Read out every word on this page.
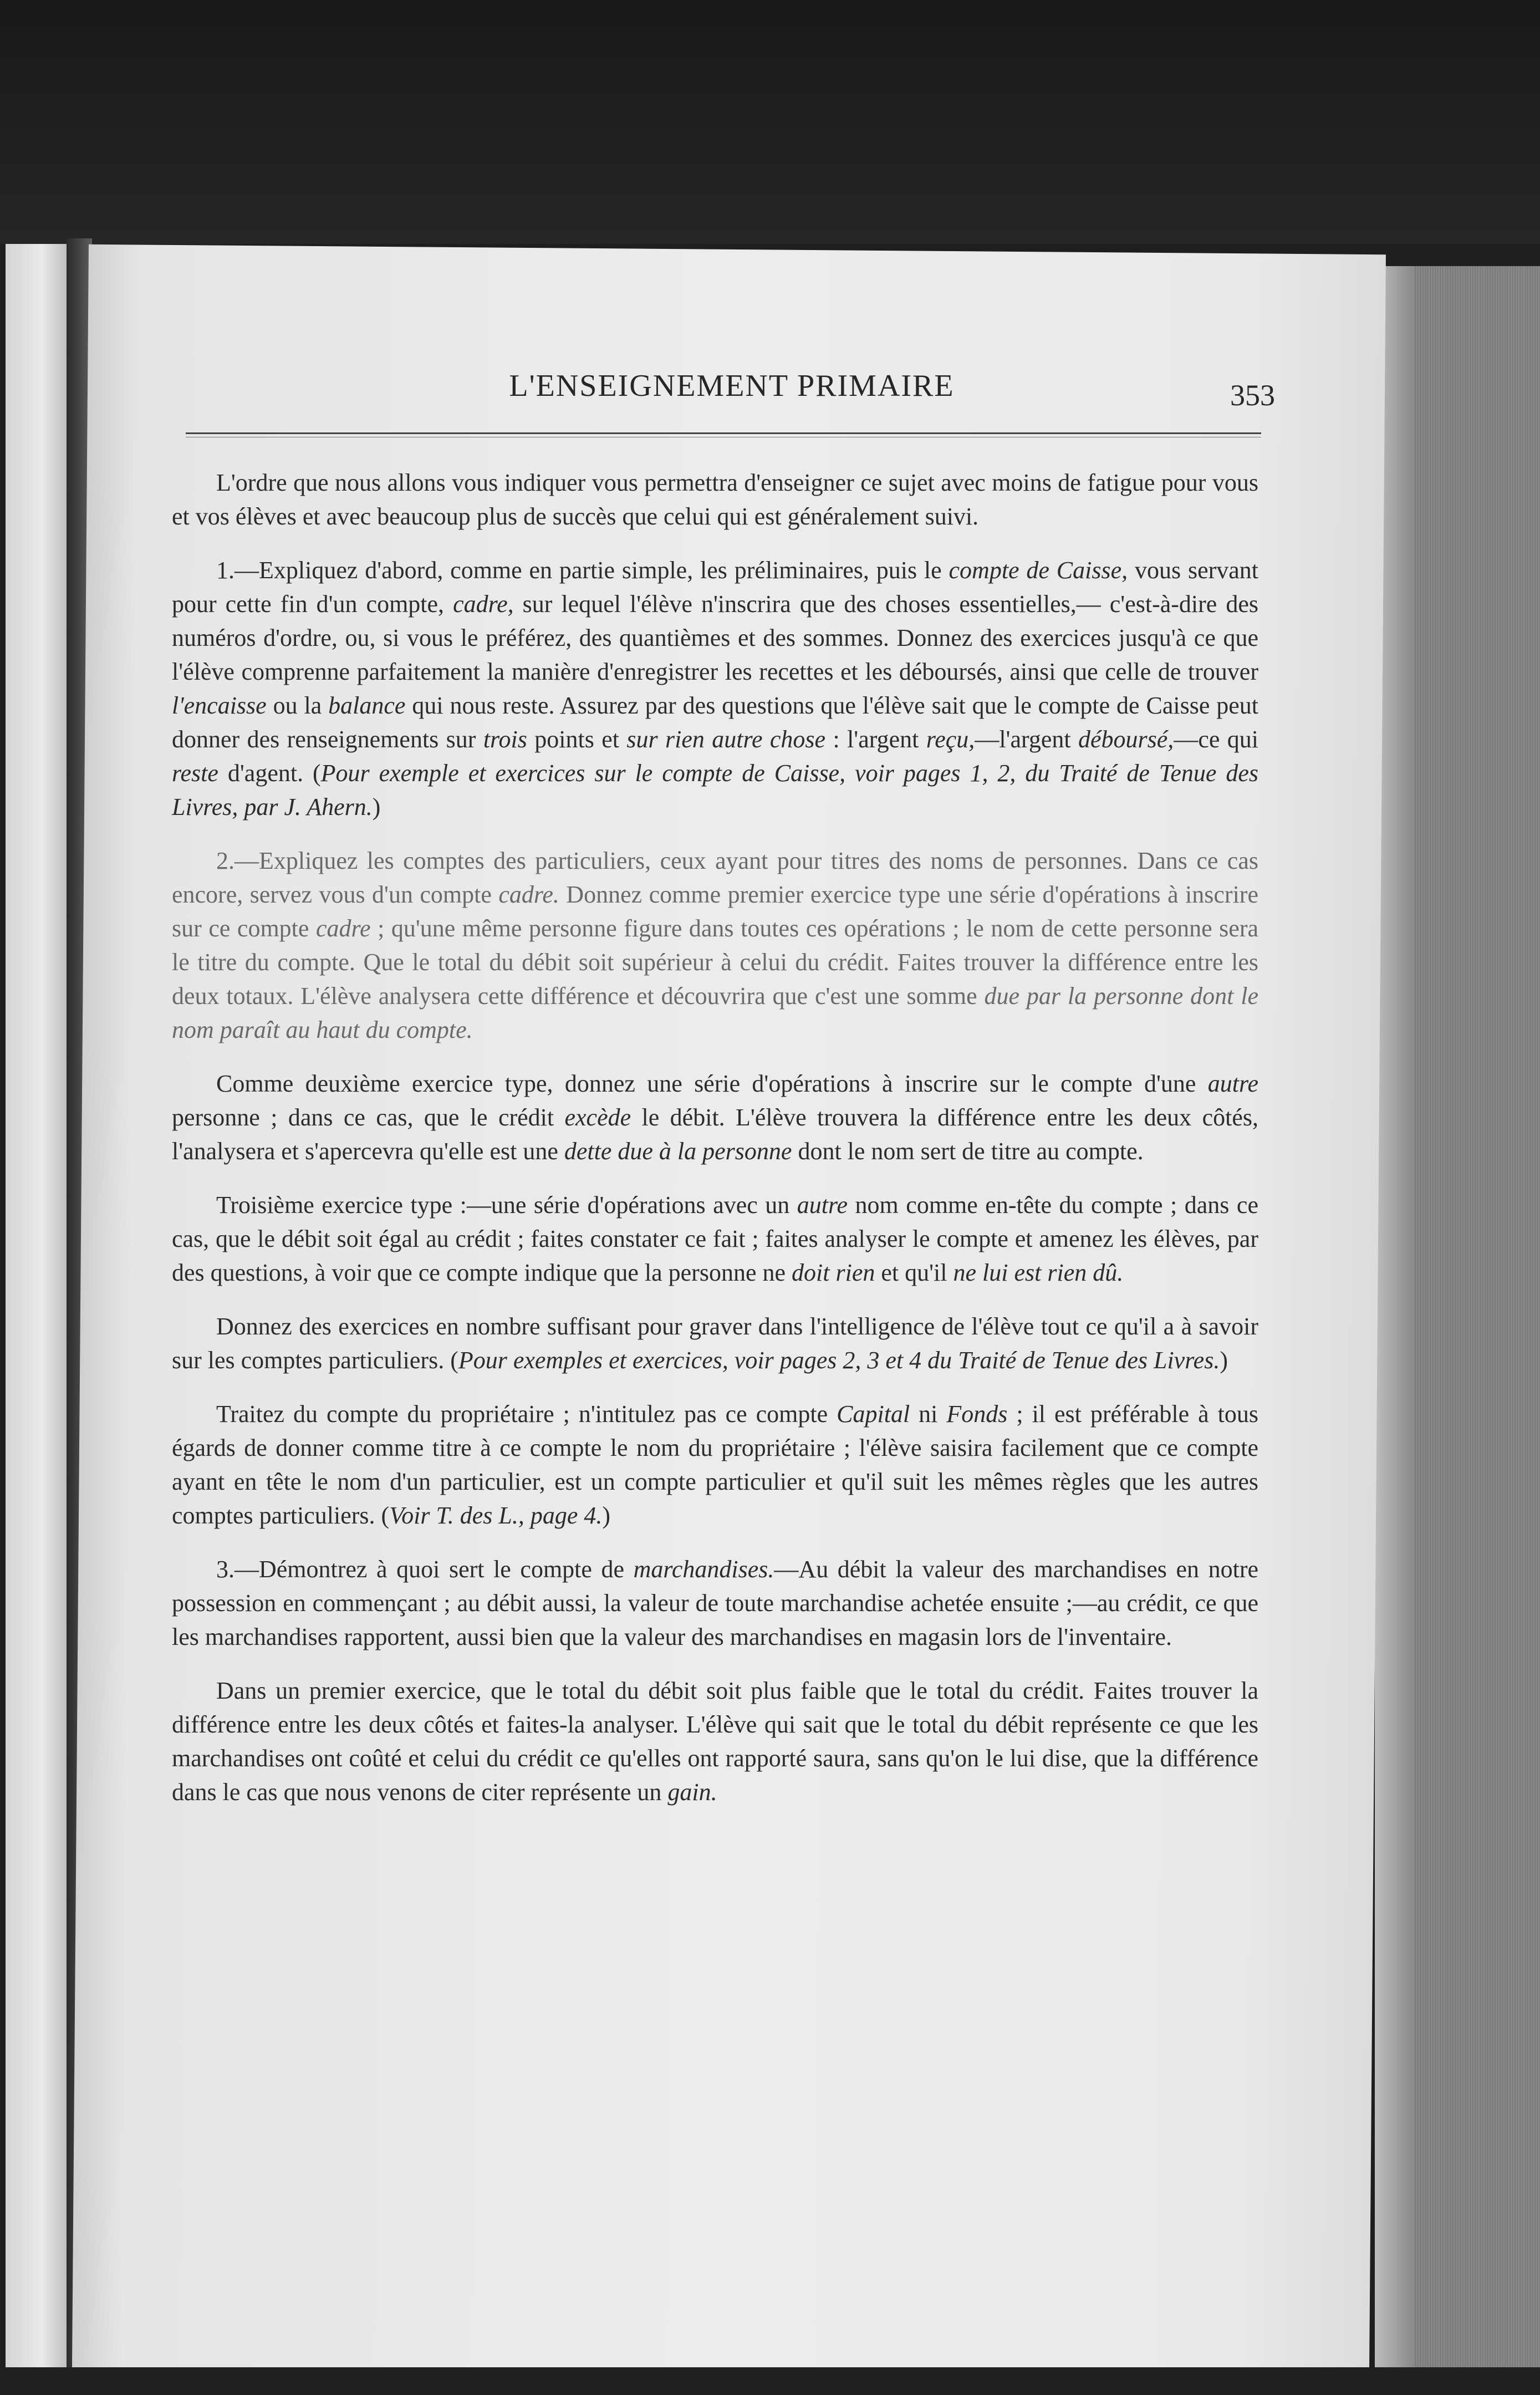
L'ENSEIGNEMENT PRIMAIRE	353

L'ordre que nous allons vous indiquer vous permettra d'enseigner ce sujet avec moins de fatigue pour vous et vos élèves et avec beaucoup plus de succès que celui qui est généralement suivi.

1.—Expliquez d'abord, comme en partie simple, les préliminaires, puis le compte de Caisse, vous servant pour cette fin d'un compte, cadre, sur lequel l'élève n'inscrira que des choses essentielles,— c'est-à-dire des numéros d'ordre, ou, si vous le préférez, des quantièmes et des sommes. Donnez des exercices jusqu'à ce que l'élève comprenne parfaitement la manière d'enregistrer les recettes et les déboursés, ainsi que celle de trouver l'encaisse ou la balance qui nous reste. Assurez par des questions que l'élève sait que le compte de Caisse peut donner des renseignements sur trois points et sur rien autre chose : l'argent reçu,—l'argent déboursé,—ce qui reste d'agent. (Pour exemple et exercices sur le compte de Caisse, voir pages 1, 2, du Traité de Tenue des Livres, par J. Ahern.)

2.—Expliquez les comptes des particuliers, ceux ayant pour titres des noms de personnes. Dans ce cas encore, servez vous d'un compte cadre. Donnez comme premier exercice type une série d'opérations à inscrire sur ce compte cadre ; qu'une même personne figure dans toutes ces opérations ; le nom de cette personne sera le titre du compte. Que le total du débit soit supérieur à celui du crédit. Faites trouver la différence entre les deux totaux. L'élève analysera cette différence et découvrira que c'est une somme due par la personne dont le nom paraît au haut du compte.

Comme deuxième exercice type, donnez une série d'opérations à inscrire sur le compte d'une autre personne ; dans ce cas, que le crédit excède le débit. L'élève trouvera la différence entre les deux côtés, l'analysera et s'apercevra qu'elle est une dette due à la personne dont le nom sert de titre au compte.

Troisième exercice type :—une série d'opérations avec un autre nom comme en-tête du compte ; dans ce cas, que le débit soit égal au crédit ; faites constater ce fait ; faites analyser le compte et amenez les élèves, par des questions, à voir que ce compte indique que la personne ne doit rien et qu'il ne lui est rien dû.

Donnez des exercices en nombre suffisant pour graver dans l'intelligence de l'élève tout ce qu'il a à savoir sur les comptes particuliers. (Pour exemples et exercices, voir pages 2, 3 et 4 du Traité de Tenue des Livres.)

Traitez du compte du propriétaire ; n'intitulez pas ce compte Capital ni Fonds ; il est préférable à tous égards de donner comme titre à ce compte le nom du propriétaire ; l'élève saisira facilement que ce compte ayant en tête le nom d'un particulier, est un compte particulier et qu'il suit les mêmes règles que les autres comptes particuliers. (Voir T. des L., page 4.)

3.—Démontrez à quoi sert le compte de marchandises.—Au débit la valeur des marchandises en notre possession en commençant ; au débit aussi, la valeur de toute marchandise achetée ensuite ;—au crédit, ce que les marchandises rapportent, aussi bien que la valeur des marchandises en magasin lors de l'inventaire.

Dans un premier exercice, que le total du débit soit plus faible que le total du crédit. Faites trouver la différence entre les deux côtés et faites-la analyser. L'élève qui sait que le total du débit représente ce que les marchandises ont coûté et celui du crédit ce qu'elles ont rapporté saura, sans qu'on le lui dise, que la différence dans le cas que nous venons de citer représente un gain.
